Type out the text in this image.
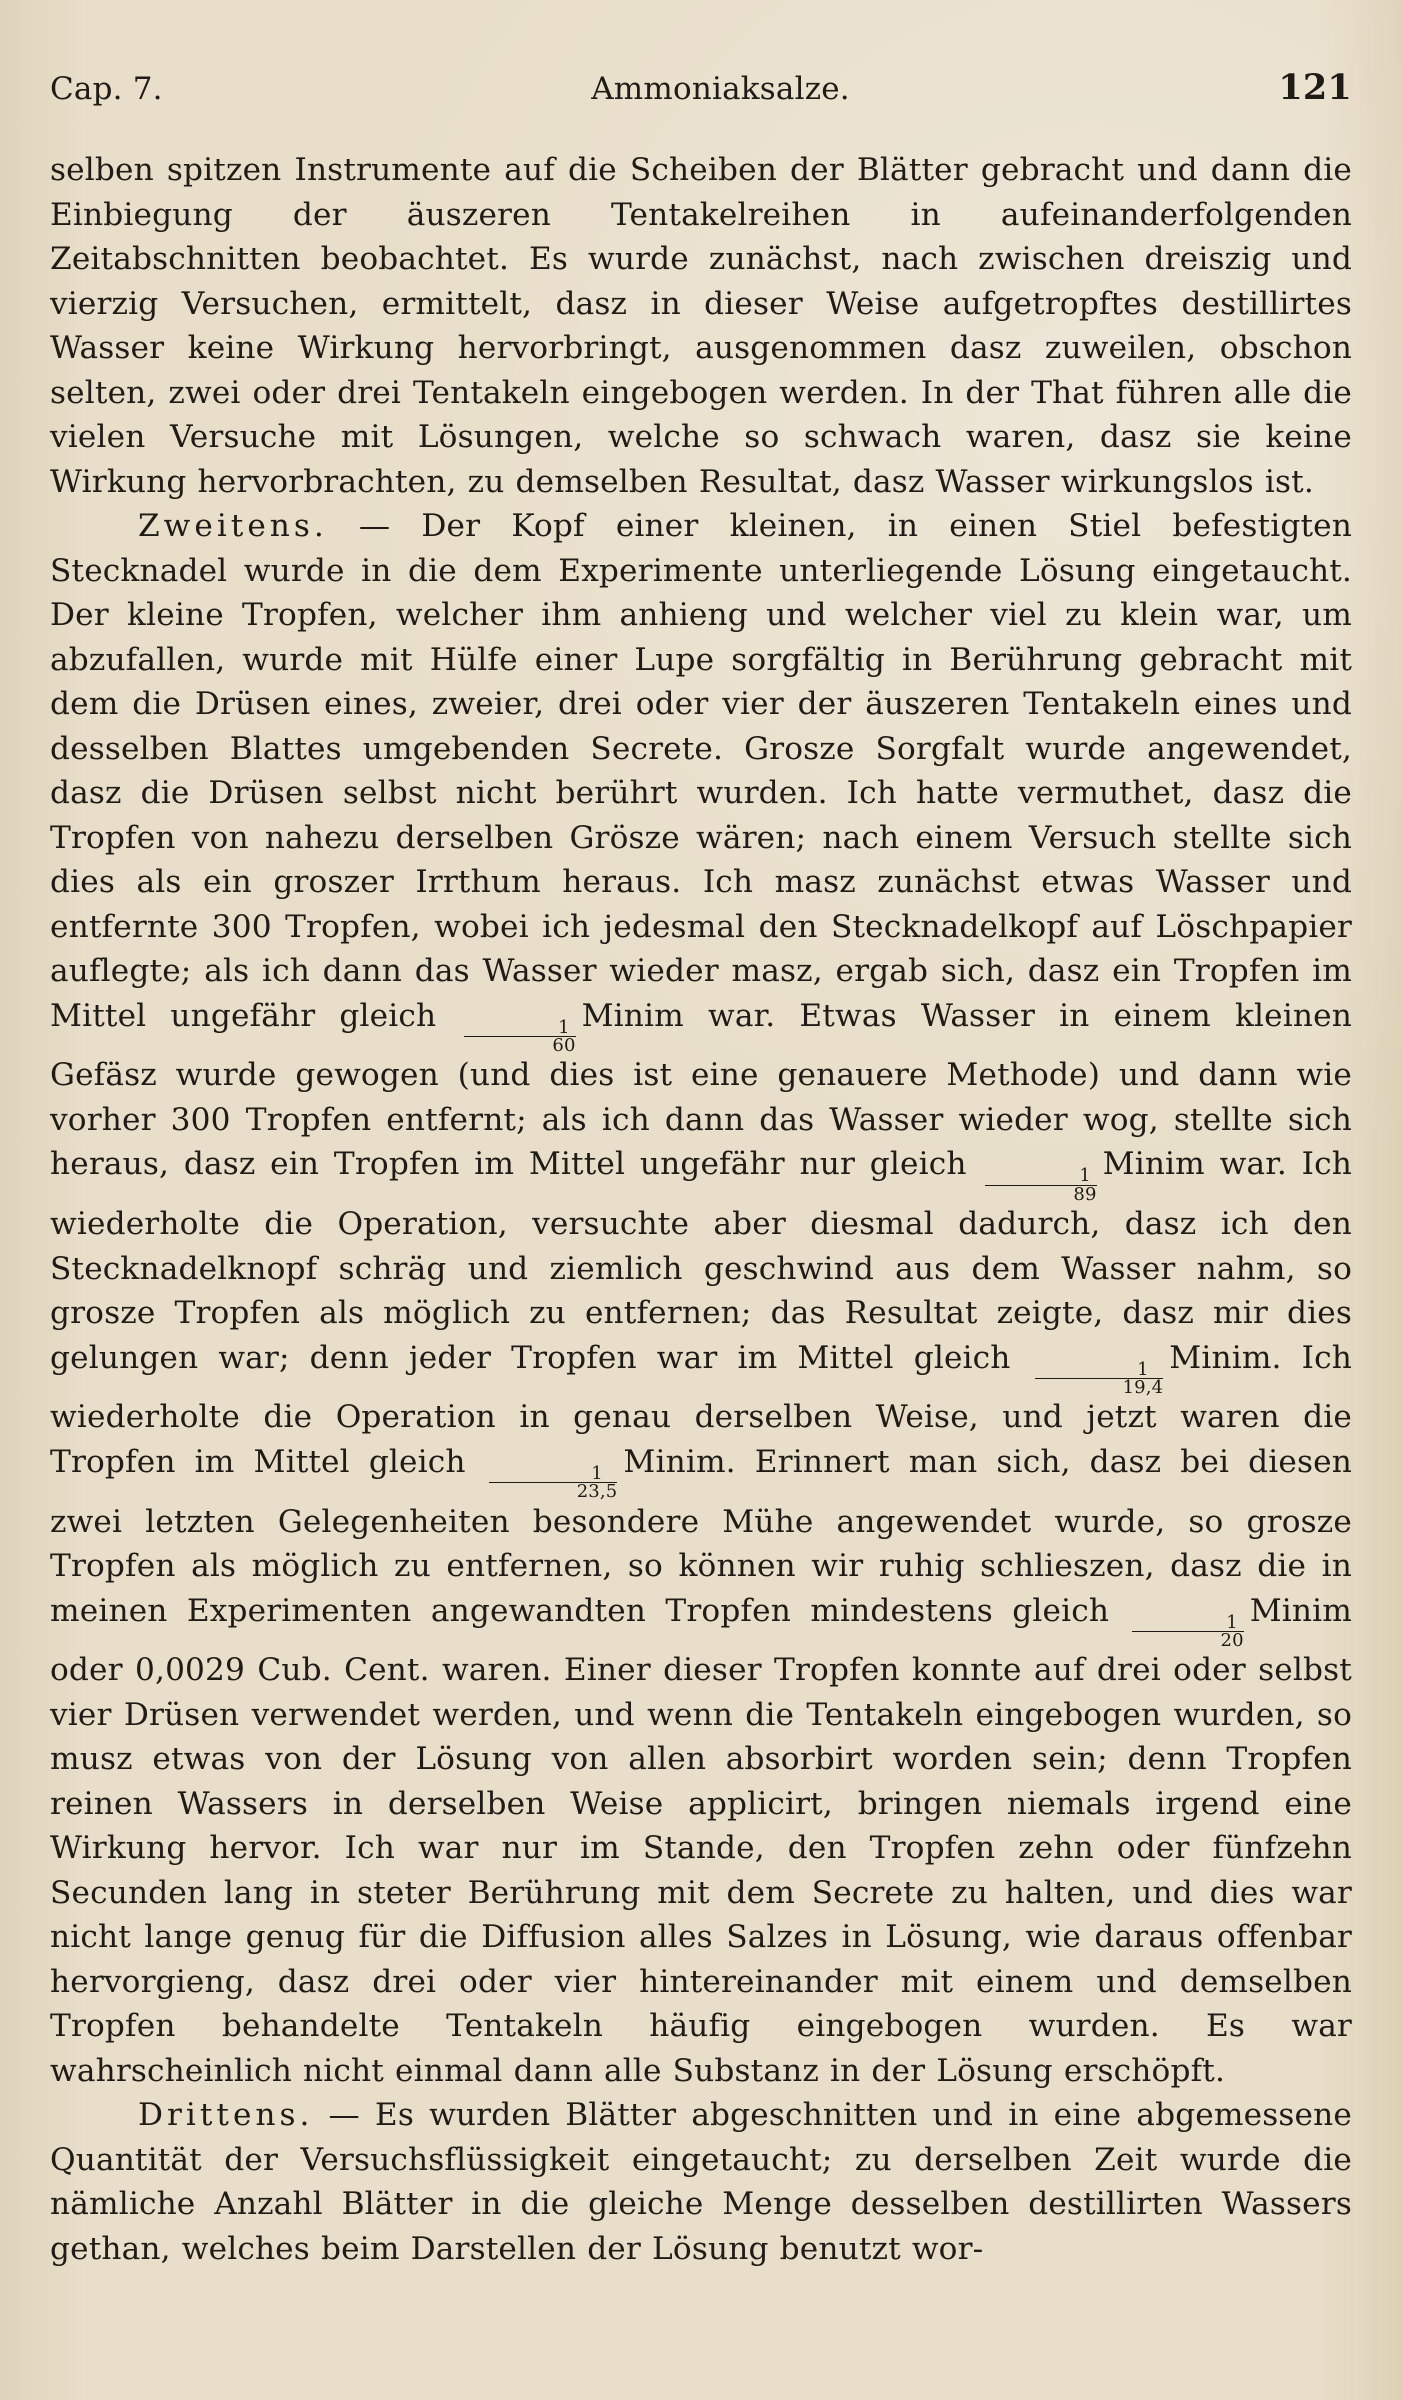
Cap. 7.	Ammoniaksalze.	121

selben spitzen Instrumente auf die Scheiben der Blätter gebracht und dann die Einbiegung der äuszeren Tentakelreihen in aufeinanderfolgenden Zeitabschnitten beobachtet. Es wurde zunächst, nach zwischen dreiszig und vierzig Versuchen, ermittelt, dasz in dieser Weise aufgetropftes destillirtes Wasser keine Wirkung hervorbringt, ausgenommen dasz zuweilen, obschon selten, zwei oder drei Tentakeln eingebogen werden. In der That führen alle die vielen Versuche mit Lösungen, welche so schwach waren, dasz sie keine Wirkung hervorbrachten, zu demselben Resultat, dasz Wasser wirkungslos ist.

Zweitens. — Der Kopf einer kleinen, in einen Stiel befestigten Stecknadel wurde in die dem Experimente unterliegende Lösung eingetaucht. Der kleine Tropfen, welcher ihm anhieng und welcher viel zu klein war, um abzufallen, wurde mit Hülfe einer Lupe sorgfältig in Berührung gebracht mit dem die Drüsen eines, zweier, drei oder vier der äuszeren Tentakeln eines und desselben Blattes umgebenden Secrete. Grosze Sorgfalt wurde angewendet, dasz die Drüsen selbst nicht berührt wurden. Ich hatte vermuthet, dasz die Tropfen von nahezu derselben Grösze wären; nach einem Versuch stellte sich dies als ein groszer Irrthum heraus. Ich masz zunächst etwas Wasser und entfernte 300 Tropfen, wobei ich jedesmal den Stecknadelkopf auf Löschpapier auflegte; als ich dann das Wasser wieder masz, ergab sich, dasz ein Tropfen im Mittel ungefähr gleich
$\frac{1}{60}$
Minim war. Etwas Wasser in einem kleinen Gefäsz wurde gewogen (und dies ist eine genauere Methode) und dann wie vorher 300 Tropfen entfernt; als ich dann das Wasser wieder wog, stellte sich heraus, dasz ein Tropfen im Mittel ungefähr nur gleich
$\frac{1}{89}$
Minim war. Ich wiederholte die Operation, versuchte aber diesmal dadurch, dasz ich den Stecknadelknopf schräg und ziemlich geschwind aus dem Wasser nahm, so grosze Tropfen als möglich zu entfernen; das Resultat zeigte, dasz mir dies gelungen war; denn jeder Tropfen war im Mittel gleich
$\frac{1}{19,4}$
Minim. Ich wiederholte die Operation in genau derselben Weise, und jetzt waren die Tropfen im Mittel gleich
$\frac{1}{23,5}$
Minim. Erinnert man sich, dasz bei diesen zwei letzten Gelegenheiten besondere Mühe angewendet wurde, so grosze Tropfen als möglich zu entfernen, so können wir ruhig schlieszen, dasz die in meinen Experimenten angewandten Tropfen mindestens gleich
$\frac{1}{20}$
Minim oder 0,0029 Cub. Cent. waren. Einer dieser Tropfen konnte auf drei oder selbst vier Drüsen verwendet werden, und wenn die Tentakeln eingebogen wurden, so musz etwas von der Lösung von allen absorbirt worden sein; denn Tropfen reinen Wassers in derselben Weise applicirt, bringen niemals irgend eine Wirkung hervor. Ich war nur im Stande, den Tropfen zehn oder fünfzehn Secunden lang in steter Berührung mit dem Secrete zu halten, und dies war nicht lange genug für die Diffusion alles Salzes in Lösung, wie daraus offenbar hervorgieng, dasz drei oder vier hintereinander mit einem und demselben Tropfen behandelte Tentakeln häufig eingebogen wurden. Es war wahrscheinlich nicht einmal dann alle Substanz in der Lösung erschöpft.

Drittens. — Es wurden Blätter abgeschnitten und in eine abgemessene Quantität der Versuchsflüssigkeit eingetaucht; zu derselben Zeit wurde die nämliche Anzahl Blätter in die gleiche Menge desselben destillirten Wassers gethan, welches beim Darstellen der Lösung benutzt wor-
